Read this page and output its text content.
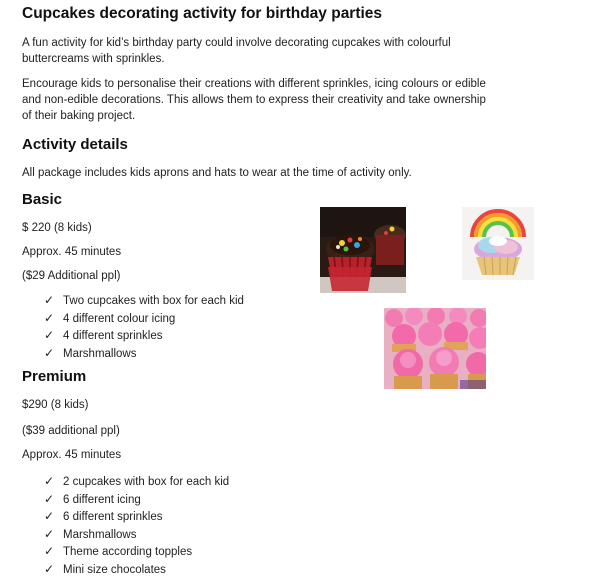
Cupcakes decorating activity for birthday parties

A fun activity for kid’s birthday party could involve decorating cupcakes with colourful buttercreams with sprinkles.

Encourage kids to personalise their creations with different sprinkles, icing colours or edible and non-edible decorations. This allows them to express their creativity and take ownership of their baking project.

Activity details

All package includes kids aprons and hats to wear at the time of activity only.

Basic

$ 220 (8 kids)

Approx. 45 minutes

($29 Additional ppl)

✓ Two cupcakes with box for each kid
✓ 4 different colour icing
✓ 4 different sprinkles
✓ Marshmallows
Premium

$290 (8 kids)

($39 additional ppl)

Approx. 45 minutes

✓ 2 cupcakes with box for each kid
✓ 6 different icing
✓ 6 different sprinkles
✓ Marshmallows
✓ Theme according topples
✓ Mini size chocolates
